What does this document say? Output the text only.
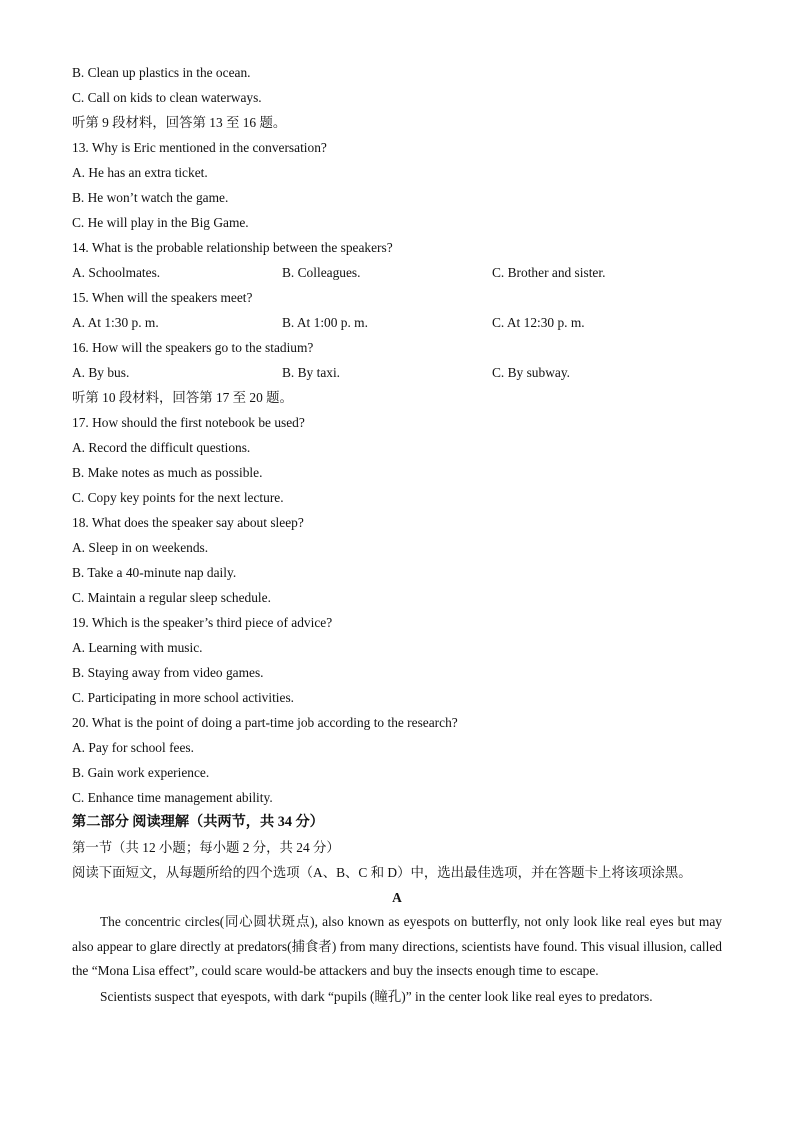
B. Clean up plastics in the ocean.
C. Call on kids to clean waterways.
听第 9 段材料，回答第 13 至 16 题。
13. Why is Eric mentioned in the conversation?
A. He has an extra ticket.
B. He won’t watch the game.
C. He will play in the Big Game.
14. What is the probable relationship between the speakers?
A. Schoolmates.	B. Colleagues.	C. Brother and sister.
15. When will the speakers meet?
A. At 1:30 p. m.	B. At 1:00 p. m.	C. At 12:30 p. m.
16. How will the speakers go to the stadium?
A. By bus.	B. By taxi.	C. By subway.
听第 10 段材料，回答第 17 至 20 题。
17. How should the first notebook be used?
A. Record the difficult questions.
B. Make notes as much as possible.
C. Copy key points for the next lecture.
18. What does the speaker say about sleep?
A. Sleep in on weekends.
B. Take a 40-minute nap daily.
C. Maintain a regular sleep schedule.
19. Which is the speaker’s third piece of advice?
A. Learning with music.
B. Staying away from video games.
C. Participating in more school activities.
20. What is the point of doing a part-time job according to the research?
A. Pay for school fees.
B. Gain work experience.
C. Enhance time management ability.
第二部分 阅读理解（共两节，共 34 分）
第一节（共 12 小题；每小题 2 分，共 24 分）
阅读下面短文，从每题所给的四个选项（A、B、C 和 D）中，选出最佳选项，并在答题卡上将该项涂黑。
A

The concentric circles(同心圆状斑点), also known as eyespots on butterfly, not only look like real eyes but may also appear to glare directly at predators(捕食者) from many directions, scientists have found. This visual illusion, called the “Mona Lisa effect”, could scare would-be attackers and buy the insects enough time to escape.

Scientists suspect that eyespots, with dark “pupils (瞳孔)” in the center look like real eyes to predators.
